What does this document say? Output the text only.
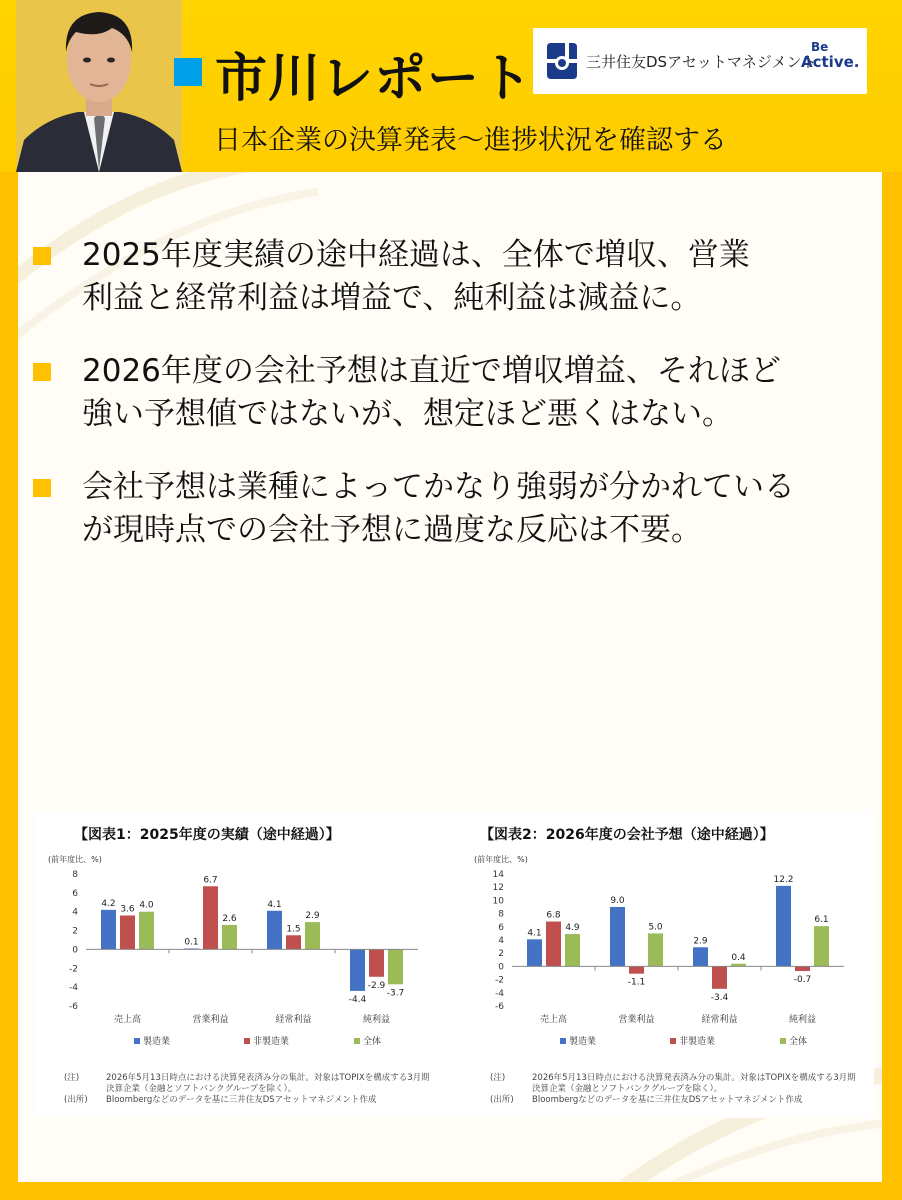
市川レポート
日本企業の決算発表～進捗状況を確認する
三井住友DSアセットマネジメント
Be
Active.
2025年度実績の途中経過は、全体で増収、営業
利益と経常利益は増益で、純利益は減益に。
2026年度の会社予想は直近で増収増益、それほど
強い予想値ではないが、想定ほど悪くはない。
会社予想は業種によってかなり強弱が分かれている
が現時点での会社予想に過度な反応は不要。
【図表1：2025年度の実績（途中経過）】	【図表2：2026年度の会社予想（途中経過）】
(前年度比、%)
8
6
4
2
0
-2
-4
-6
売上高
4.2
3.6 4.0
営業利益
0.1
6.7
2.6
経常利益
4.1
1.5
2.9
純利益
-4.4
-2.9
-3.7
製造業	非製造業	全体
(前年度比、%)
14
12
10
8
6
4
2
0
-2
-4
-6
売上高
4.1
6.8
4.9
営業利益
9.0
-1.1
5.0
経常利益
2.9
-3.4
0.4
純利益
12.2
-0.7
6.1
製造業	非製造業	全体
(注)	2026年5月13日時点における決算発表済み分の集計。対象はTOPIXを構成する3月期
決算企業（金融とソフトバンクグループを除く）。
(出所)	Bloombergなどのデータを基に三井住友DSアセットマネジメント作成
(注)	2026年5月13日時点における決算発表済み分の集計。対象はTOPIXを構成する3月期
決算企業（金融とソフトバンクグループを除く）。
(出所)	Bloombergなどのデータを基に三井住友DSアセットマネジメント作成
